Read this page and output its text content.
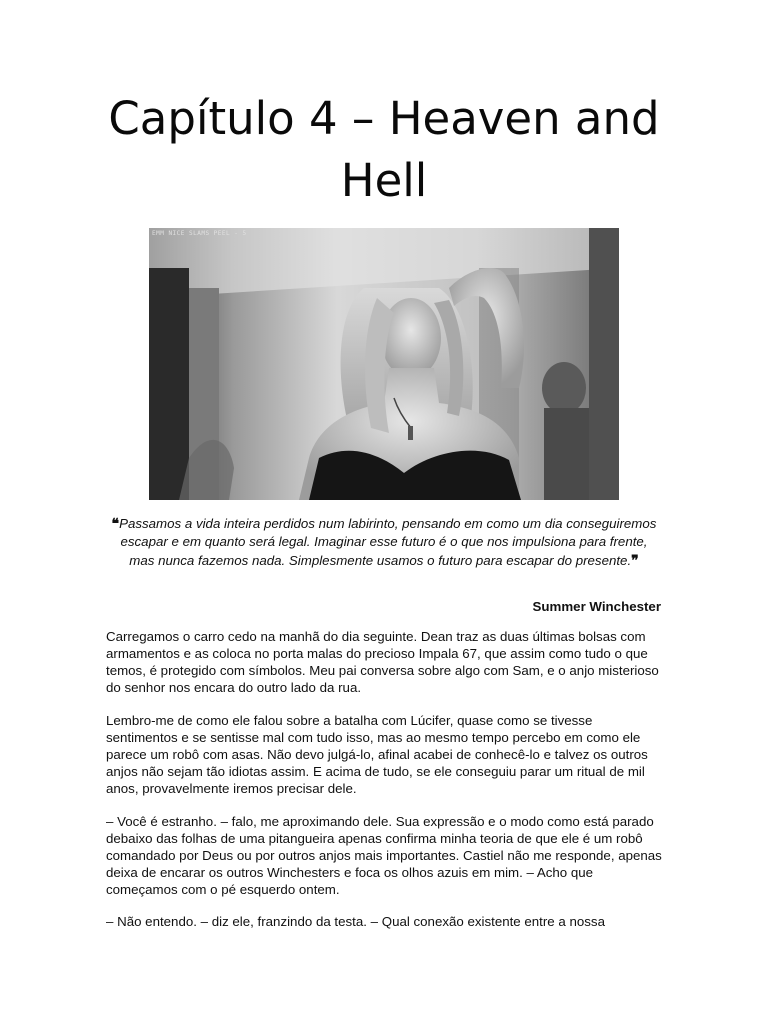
Capítulo 4 – Heaven and Hell
EMM NICE SLAMS PEEL - 5

❝Passamos a vida inteira perdidos num labirinto, pensando em como um dia conseguiremos escapar e em quanto será legal. Imaginar esse futuro é o que nos impulsiona para frente, mas nunca fazemos nada. Simplesmente usamos o futuro para escapar do presente.❞

Summer Winchester

Carregamos o carro cedo na manhã do dia seguinte. Dean traz as duas últimas bolsas com armamentos e as coloca no porta malas do precioso Impala 67, que assim como tudo o que temos, é protegido com símbolos. Meu pai conversa sobre algo com Sam, e o anjo misterioso do senhor nos encara do outro lado da rua.

Lembro-me de como ele falou sobre a batalha com Lúcifer, quase como se tivesse sentimentos e se sentisse mal com tudo isso, mas ao mesmo tempo percebo em como ele parece um robô com asas. Não devo julgá-lo, afinal acabei de conhecê-lo e talvez os outros anjos não sejam tão idiotas assim. E acima de tudo, se ele conseguiu parar um ritual de mil anos, provavelmente iremos precisar dele.

– Você é estranho. – falo, me aproximando dele. Sua expressão e o modo como está parado debaixo das folhas de uma pitangueira apenas confirma minha teoria de que ele é um robô comandado por Deus ou por outros anjos mais importantes. Castiel não me responde, apenas deixa de encarar os outros Winchesters e foca os olhos azuis em mim. – Acho que começamos com o pé esquerdo ontem.

– Não entendo. – diz ele, franzindo da testa. – Qual conexão existente entre a nossa
